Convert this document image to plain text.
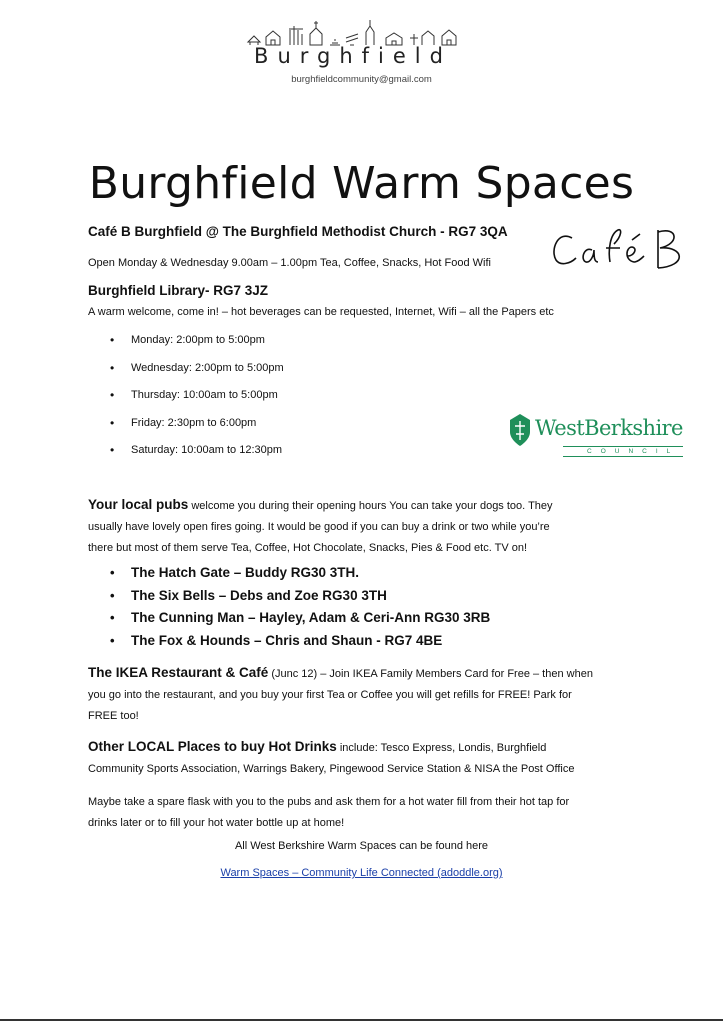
Burghfield
burghfieldcommunity@gmail.com
Burghfield Warm Spaces
Café B Burghfield @ The Burghfield Methodist Church - RG7 3QA
Open Monday & Wednesday 9.00am – 1.00pm Tea, Coffee, Snacks, Hot Food Wifi
Burghfield Library- RG7 3JZ
A warm welcome, come in! – hot beverages can be requested, Internet, Wifi – all the Papers etc
• Monday: 2:00pm to 5:00pm
• Wednesday: 2:00pm to 5:00pm
• Thursday: 10:00am to 5:00pm
• Friday: 2:30pm to 6:00pm
• Saturday: 10:00am to 12:30pm
WestBerkshire
COUNCIL
Your local pubs welcome you during their opening hours You can take your dogs too. They
usually have lovely open fires going. It would be good if you can buy a drink or two while you’re
there but most of them serve Tea, Coffee, Hot Chocolate, Snacks, Pies & Food etc. TV on!
• The Hatch Gate – Buddy RG30 3TH.
• The Six Bells – Debs and Zoe RG30 3TH
• The Cunning Man – Hayley, Adam & Ceri-Ann RG30 3RB
• The Fox & Hounds – Chris and Shaun - RG7 4BE
The IKEA Restaurant & Café (Junc 12) – Join IKEA Family Members Card for Free – then when
you go into the restaurant, and you buy your first Tea or Coffee you will get refills for FREE! Park for
FREE too!
Other LOCAL Places to buy Hot Drinks include: Tesco Express, Londis, Burghfield
Community Sports Association, Warrings Bakery, Pingewood Service Station & NISA the Post Office
Maybe take a spare flask with you to the pubs and ask them for a hot water fill from their hot tap for
drinks later or to fill your hot water bottle up at home!
All West Berkshire Warm Spaces can be found here
Warm Spaces – Community Life Connected (adoddle.org)
